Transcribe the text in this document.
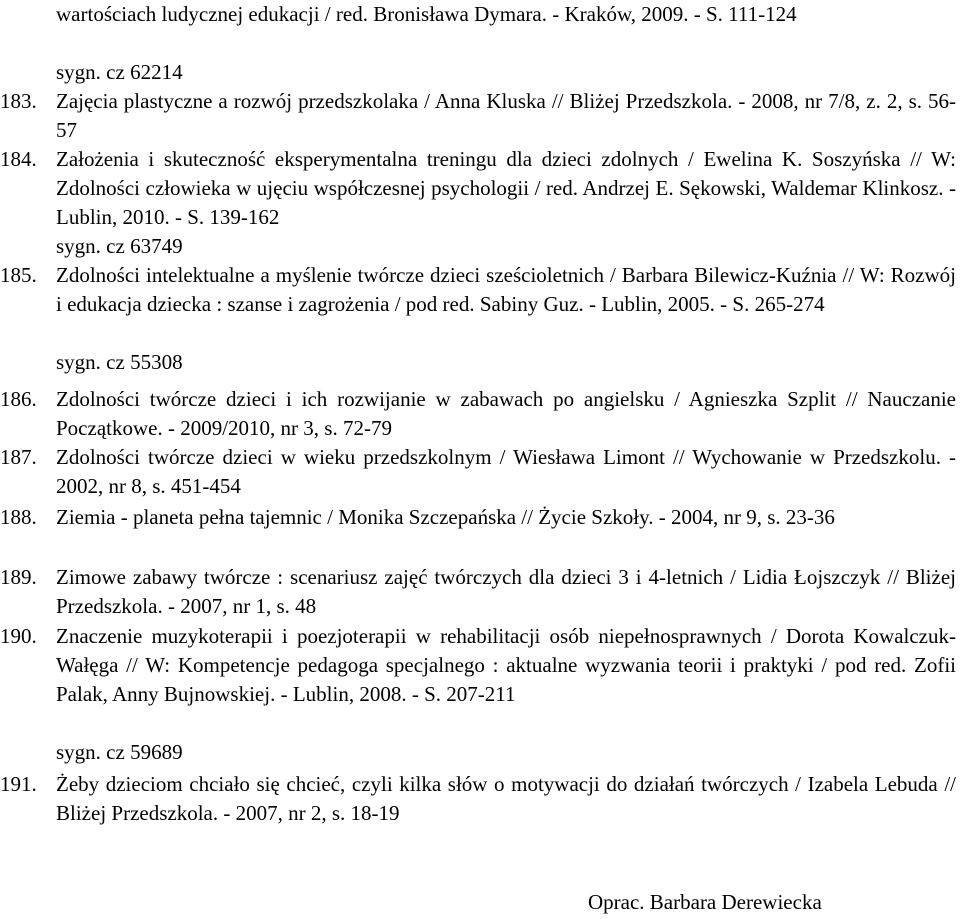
wartościach ludycznej edukacji / red. Bronisława Dymara. - Kraków, 2009. - S. 111-124
sygn. cz 62214
183. Zajęcia plastyczne a rozwój przedszkolaka / Anna Kluska // Bliżej Przedszkola. - 2008, nr 7/8, z. 2, s. 56-57
184. Założenia i skuteczność eksperymentalna treningu dla dzieci zdolnych / Ewelina K. Soszyńska // W: Zdolności człowieka w ujęciu współczesnej psychologii / red. Andrzej E. Sękowski, Waldemar Klinkosz. - Lublin, 2010. - S. 139-162
sygn. cz 63749
185. Zdolności intelektualne a myślenie twórcze dzieci sześcioletnich / Barbara Bilewicz-Kuźnia // W: Rozwój i edukacja dziecka : szanse i zagrożenia / pod red. Sabiny Guz. - Lublin, 2005. - S. 265-274
sygn. cz 55308
186. Zdolności twórcze dzieci i ich rozwijanie w zabawach po angielsku / Agnieszka Szplit // Nauczanie Początkowe. - 2009/2010, nr 3, s. 72-79
187. Zdolności twórcze dzieci w wieku przedszkolnym / Wiesława Limont // Wychowanie w Przedszkolu. - 2002, nr 8, s. 451-454
188. Ziemia - planeta pełna tajemnic / Monika Szczepańska // Życie Szkoły. - 2004, nr 9, s. 23-36
189. Zimowe zabawy twórcze : scenariusz zajęć twórczych dla dzieci 3 i 4-letnich / Lidia Łojszczyk // Bliżej Przedszkola. - 2007, nr 1, s. 48
190. Znaczenie muzykoterapii i poezjoterapii w rehabilitacji osób niepełnosprawnych / Dorota Kowalczuk-Wałęga // W: Kompetencje pedagoga specjalnego : aktualne wyzwania teorii i praktyki / pod red. Zofii Palak, Anny Bujnowskiej. - Lublin, 2008. - S. 207-211
sygn. cz 59689
191. Żeby dzieciom chciało się chcieć, czyli kilka słów o motywacji do działań twórczych / Izabela Lebuda // Bliżej Przedszkola. - 2007, nr 2, s. 18-19
Oprac. Barbara Derewiecka
